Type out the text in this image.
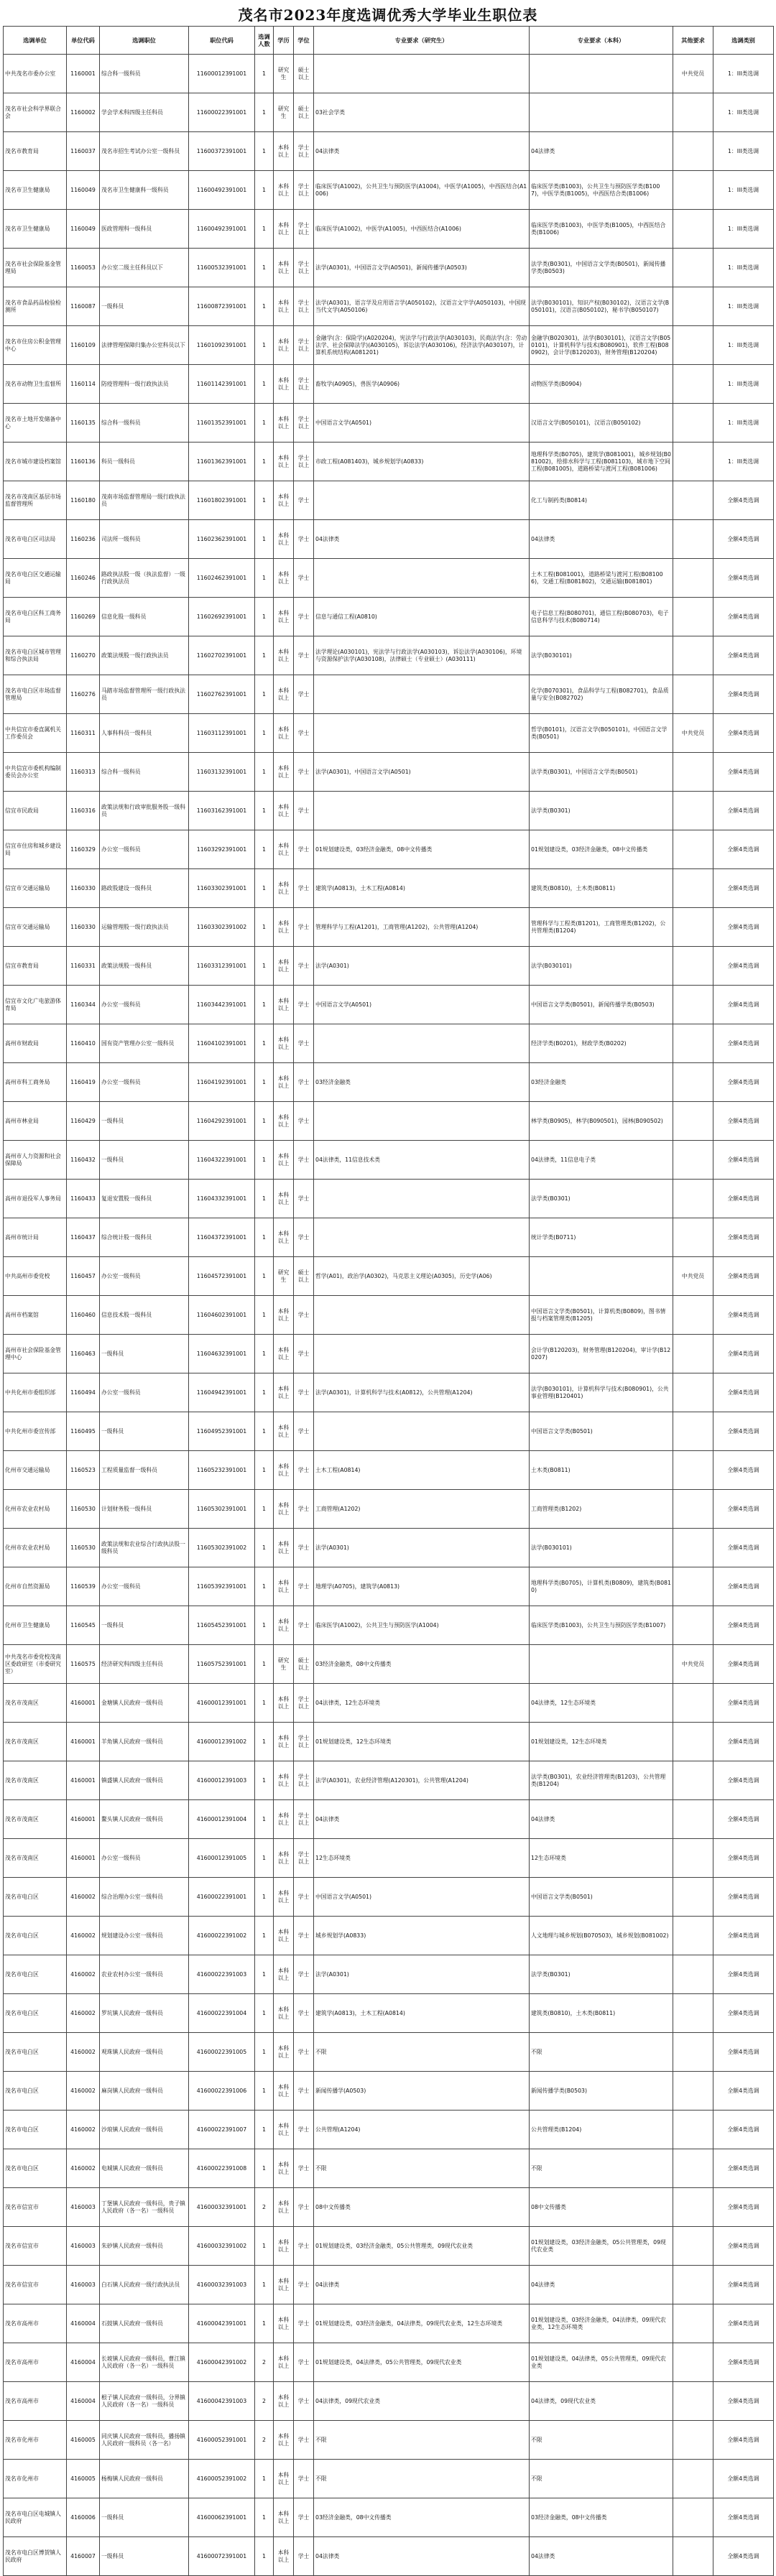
茂名市2023年度选调优秀大学毕业生职位表
选调单位	单位代码	选调职位	职位代码	选调人数	学历	学位	专业要求（研究生）	专业要求（本科）	其他要求	选调类别
中共茂名市委办公室	1160001	综合科一级科员	11600012391001	1	研究生	硕士以上			中共党员	1：III类选调
茂名市社会科学界联合会	1160002	学会学术科四级主任科员	11600022391001	1	研究生	硕士以上	03社会学类			1：III类选调
茂名市教育局	1160037	茂名市招生考试办公室一级科员	11600372391001	1	本科以上	学士以上	04法律类	04法律类		1：III类选调
茂名市卫生健康局	1160049	茂名市卫生健康科一级科员	11600492391001	1	本科以上	学士以上	临床医学(A1002)，公共卫生与预防医学(A1004)，中医学(A1005)，中西医结合(A1006)	临床医学类(B1003)，公共卫生与预防医学类(B1007)，中医学类(B1005)，中西医结合类(B1006)		1：III类选调
茂名市卫生健康局	1160049	医政管理科一级科员	11600492391001	1	本科以上	学士以上	临床医学(A1002)，中医学(A1005)，中西医结合(A1006)	临床医学类(B1003)，中医学类(B1005)，中西医结合类(B1006)		1：III类选调
茂名市社会保险基金管理局	1160053	办公室二级主任科员以下	11600532391001	1	本科以上	学士以上	法学(A0301)，中国语言文学(A0501)，新闻传播学(A0503)	法学类(B0301)，中国语言文学类(B0501)，新闻传播学类(B0503)		1：III类选调
茂名市食品药品检验检测所	1160087	一级科员	11600872391001	1	本科以上	学士以上	法学(A0301)，语言学及应用语言学(A050102)，汉语言文字学(A050103)，中国现当代文学(A050106)	法学(B030101)，知识产权(B030102)，汉语言文学(B050101)，汉语言(B050102)，秘书学(B050107)		1：III类选调
茂名市住房公积金管理中心	1160109	法律管理保障归集办公室科员以下	11601092391001	1	本科以上	学士以上	金融学(含：保险学)(A020204)，宪法学与行政法学(A030103)，民商法学(含：劳动法学、社会保障法学)(A030105)，诉讼法学(A030106)，经济法学(A030107)，计算机系统结构(A081201)	金融学(B020301)，法学(B030101)，汉语言文学(B050101)，计算机科学与技术(B080901)，软件工程(B080902)，会计学(B120203)，财务管理(B120204)		1：III类选调
茂名市动物卫生监督所	1160114	防疫管理科一级行政执法员	11601142391001	1	本科以上	学士以上	畜牧学(A0905)，兽医学(A0906)	动物医学类(B0904)		1：III类选调
茂名市土地开发储备中心	1160135	综合科一级科员	11601352391001	1	本科以上	学士以上	中国语言文学(A0501)	汉语言文学(B050101)，汉语言(B050102)		1：III类选调
茂名市城市建设档案馆	1160136	科员一级科员	11601362391001	1	本科以上	学士以上	市政工程(A081403)，城乡规划学(A0833)	地理科学类(B0705)，建筑学(B081001)，城乡规划(B081002)，给排水科学与工程(B081103)，城市地下空间工程(B081005)，道路桥梁与渡河工程(B081006)		1：III类选调
茂名市茂南区基层市场监督管理所	1160180	茂南市场监督管理局一级行政执法员	11601802391001	1	本科以上	学士		化工与制药类(B0814)		全额4类选调
茂名市电白区司法局	1160236	司法所一级科员	11602362391001	1	本科以上	学士	04法律类	04法律类		全额4类选调
茂名市电白区交通运输局	1160246	路政执法股一级（执法监督）一级行政执法员	11602462391001	1	本科以上	学士		土木工程(B081001)，道路桥梁与渡河工程(B081006)，交通工程(B081802)，交通运输(B081801)		全额4类选调
茂名市电白区科工商务局	1160269	信息化股一级科员	11602692391001	1	本科以上	学士	信息与通信工程(A0810)	电子信息工程(B080701)，通信工程(B080703)，电子信息科学与技术(B080714)		全额4类选调
茂名市电白区城市管理和综合执法局	1160270	政策法规股一级行政执法员	11602702391001	1	本科以上	学士	法学理论(A030101)，宪法学与行政法学(A030103)，诉讼法学(A030106)，环境与资源保护法学(A030108)，法律硕士（专业硕士）(A030111)	法学(B030101)		全额4类选调
茂名市电白区市场监督管理局	1160276	马踏市场监督管理所一级行政执法员	11602762391001	1	本科以上	学士		化学(B070301)，食品科学与工程(B082701)，食品质量与安全(B082702)		全额4类选调
中共信宜市委直属机关工作委员会	1160311	人事科科员一级科员	11603112391001	1	本科以上	学士		哲学(B0101)，汉语言文学(B050101)，中国语言文学类(B0501)	中共党员	全额4类选调
中共信宜市委机构编制委员会办公室	1160313	综合科一级科员	11603132391001	1	本科以上	学士	法学(A0301)，中国语言文学(A0501)	法学类(B0301)，中国语言文学类(B0501)		全额4类选调
信宜市民政局	1160316	政策法规和行政审批服务股一级科员	11603162391001	1	本科以上	学士		法学类(B0301)		全额4类选调
信宜市住房和城乡建设局	1160329	办公室一级科员	11603292391001	1	本科以上	学士	01规划建设类，03经济金融类，08中文传播类	01规划建设类，03经济金融类，08中文传播类		全额4类选调
信宜市交通运输局	1160330	路政股建设一级科员	11603302391001	1	本科以上	学士	建筑学(A0813)，土木工程(A0814)	建筑类(B0810)，土木类(B0811)		全额4类选调
信宜市交通运输局	1160330	运输管理股一级行政执法员	11603302391002	1	本科以上	学士	管理科学与工程(A1201)，工商管理(A1202)，公共管理(A1204)	管理科学与工程类(B1201)，工商管理类(B1202)，公共管理类(B1204)		全额4类选调
信宜市教育局	1160331	政策法规股一级科员	11603312391001	1	本科以上	学士	法学(A0301)	法学(B030101)		全额4类选调
信宜市文化广电旅游体育局	1160344	办公室一级科员	11603442391001	1	本科以上	学士	中国语言文学(A0501)	中国语言文学类(B0501)，新闻传播学类(B0503)		全额4类选调
高州市财政局	1160410	国有资产管理办公室一级科员	11604102391001	1	本科以上	学士		经济学类(B0201)，财政学类(B0202)		全额4类选调
高州市科工商务局	1160419	办公室一级科员	11604192391001	1	本科以上	学士	03经济金融类	03经济金融类		全额4类选调
高州市林业局	1160429	一级科员	11604292391001	1	本科以上	学士		林学类(B0905)，林学(B090501)，园林(B090502)		全额4类选调
高州市人力资源和社会保障局	1160432	一级科员	11604322391001	1	本科以上	学士	04法律类，11信息技术类	04法律类，11信息电子类		全额4类选调
高州市退役军人事务局	1160433	复退安置股一级科员	11604332391001	1	本科以上	学士		法学类(B0301)		全额4类选调
高州市统计局	1160437	综合统计股一级科员	11604372391001	1	本科以上	学士		统计学类(B0711)		全额4类选调
中共高州市委党校	1160457	办公室一级科员	11604572391001	1	研究生	硕士以上	哲学(A01)，政治学(A0302)，马克思主义理论(A0305)，历史学(A06)		中共党员	全额4类选调
高州市档案馆	1160460	信息技术股一级科员	11604602391001	1	本科以上	学士		中国语言文学类(B0501)，计算机类(B0809)，图书情报与档案管理类(B1205)		全额4类选调
高州市社会保险基金管理中心	1160463	一级科员	11604632391001	1	本科以上	学士		会计学(B120203)，财务管理(B120204)，审计学(B120207)		全额4类选调
中共化州市委组织部	1160494	办公室一级科员	11604942391001	1	本科以上	学士	法学(A0301)，计算机科学与技术(A0812)，公共管理(A1204)	法学(B030101)，计算机科学与技术(B080901)，公共事业管理(B120401)		全额4类选调
中共化州市委宣传部	1160495	一级科员	11604952391001	1	本科以上	学士		中国语言文学类(B0501)		全额4类选调
化州市交通运输局	1160523	工程质量监督一级科员	11605232391001	1	本科以上	学士	土木工程(A0814)	土木类(B0811)		全额4类选调
化州市农业农村局	1160530	计划财务股一级科员	11605302391001	1	本科以上	学士	工商管理(A1202)	工商管理类(B1202)		全额4类选调
化州市农业农村局	1160530	政策法规和农业综合行政执法股一级科员	11605302391002	1	本科以上	学士	法学(A0301)	法学(B030101)		全额4类选调
化州市自然资源局	1160539	办公室一级科员	11605392391001	1	本科以上	学士	地理学(A0705)，建筑学(A0813)	地理科学类(B0705)，计算机类(B0809)，建筑类(B0810)		全额4类选调
化州市卫生健康局	1160545	一级科员	11605452391001	1	本科以上	学士	临床医学(A1002)，公共卫生与预防医学(A1004)	临床医学类(B1003)，公共卫生与预防医学类(B1007)		全额4类选调
中共茂名市委党校茂南区委政研室（市委研究室）	1160575	经济研究科四级主任科员	11605752391001	1	研究生	硕士以上	03经济金融类，08中文传播类		中共党员	全额4类选调
茂名市茂南区	4160001	金塘镇人民政府一级科员	41600012391001	1	本科以上	学士以上	04法律类，12生态环境类	04法律类，12生态环境类		全额4类选调
茂名市茂南区	4160001	羊角镇人民政府一级科员	41600012391002	1	本科以上	学士以上	01规划建设类，12生态环境类	01规划建设类，12生态环境类		全额4类选调
茂名市茂南区	4160001	镇盛镇人民政府一级科员	41600012391003	1	本科以上	学士以上	法学(A0301)，农业经济管理(A120301)，公共管理(A1204)	法学类(B0301)，农业经济管理类(B1203)，公共管理类(B1204)		全额4类选调
茂名市茂南区	4160001	鳌头镇人民政府一级科员	41600012391004	1	本科以上	学士以上	04法律类	04法律类		全额4类选调
茂名市茂南区	4160001	办公室一级科员	41600012391005	1	本科以上	学士以上	12生态环境类	12生态环境类		全额4类选调
茂名市电白区	4160002	综合治理办公室一级科员	41600022391001	1	本科以上	学士	中国语言文学(A0501)	中国语言文学类(B0501)		全额4类选调
茂名市电白区	4160002	规划建设办公室一级科员	41600022391002	1	本科以上	学士	城乡规划学(A0833)	人文地理与城乡规划(B070503)，城乡规划(B081002)		全额4类选调
茂名市电白区	4160002	农业农村办公室一级科员	41600022391003	1	本科以上	学士	法学(A0301)	法学类(B0301)		全额4类选调
茂名市电白区	4160002	罗坑镇人民政府一级科员	41600022391004	1	本科以上	学士	建筑学(A0813)，土木工程(A0814)	建筑类(B0810)，土木类(B0811)		全额4类选调
茂名市电白区	4160002	观珠镇人民政府一级科员	41600022391005	1	本科以上	学士	不限	不限		全额4类选调
茂名市电白区	4160002	麻岗镇人民政府一级科员	41600022391006	1	本科以上	学士	新闻传播学(A0503)	新闻传播学类(B0503)		全额4类选调
茂名市电白区	4160002	沙琅镇人民政府一级科员	41600022391007	1	本科以上	学士	公共管理(A1204)	公共管理类(B1204)		全额4类选调
茂名市电白区	4160002	电城镇人民政府一级科员	41600022391008	1	本科以上	学士	不限	不限		全额4类选调
茂名市信宜市	4160003	丁堡镇人民政府一级科员，贵子镇人民政府（各一名）一级科员	41600032391001	2	本科以上	学士	08中文传播类	08中文传播类		全额4类选调
茂名市信宜市	4160003	朱砂镇人民政府一级科员	41600032391002	1	本科以上	学士	01规划建设类，03经济金融类，05公共管理类，09现代农业类	01规划建设类，03经济金融类，05公共管理类，09现代农业类		全额4类选调
茂名市信宜市	4160003	白石镇人民政府一级行政执法员	41600032391003	1	本科以上	学士	04法律类	04法律类		全额4类选调
茂名市高州市	4160004	石鼓镇人民政府一级科员	41600042391001	1	本科以上	学士	01规划建设类，03经济金融类，04法律类，09现代农业类，12生态环境类	01规划建设类，03经济金融类，04法律类，09现代农业类，12生态环境类		全额4类选调
茂名市高州市	4160004	长坡镇人民政府一级科员，曹江镇人民政府（各一名）一级科员	41600042391002	2	本科以上	学士	01规划建设类，04法律类，05公共管理类，09现代农业类	01规划建设类，04法律类，05公共管理类，09现代农业类		全额4类选调
茂名市高州市	4160004	根子镇人民政府一级科员，分界镇人民政府（各一名）一级科员	41600042391003	2	本科以上	学士	04法律类，09现代农业类	04法律类，09现代农业类		全额4类选调
茂名市化州市	4160005	同庆镇人民政府一级科员，播扬镇人民政府一级科员（各一名）	41600052391001	2	本科以上	学士	不限	不限		全额4类选调
茂名市化州市	4160005	杨梅镇人民政府一级科员	41600052391002	1	本科以上	学士	不限	不限		全额4类选调
茂名市电白区电城镇人民政府	4160006	一级科员	41600062391001	1	本科以上	学士	03经济金融类，08中文传播类	03经济金融类，08中文传播类		全额4类选调
茂名市电白区博贺镇人民政府	4160007	一级科员	41600072391001	1	本科以上	学士	04法律类	04法律类		全额4类选调
